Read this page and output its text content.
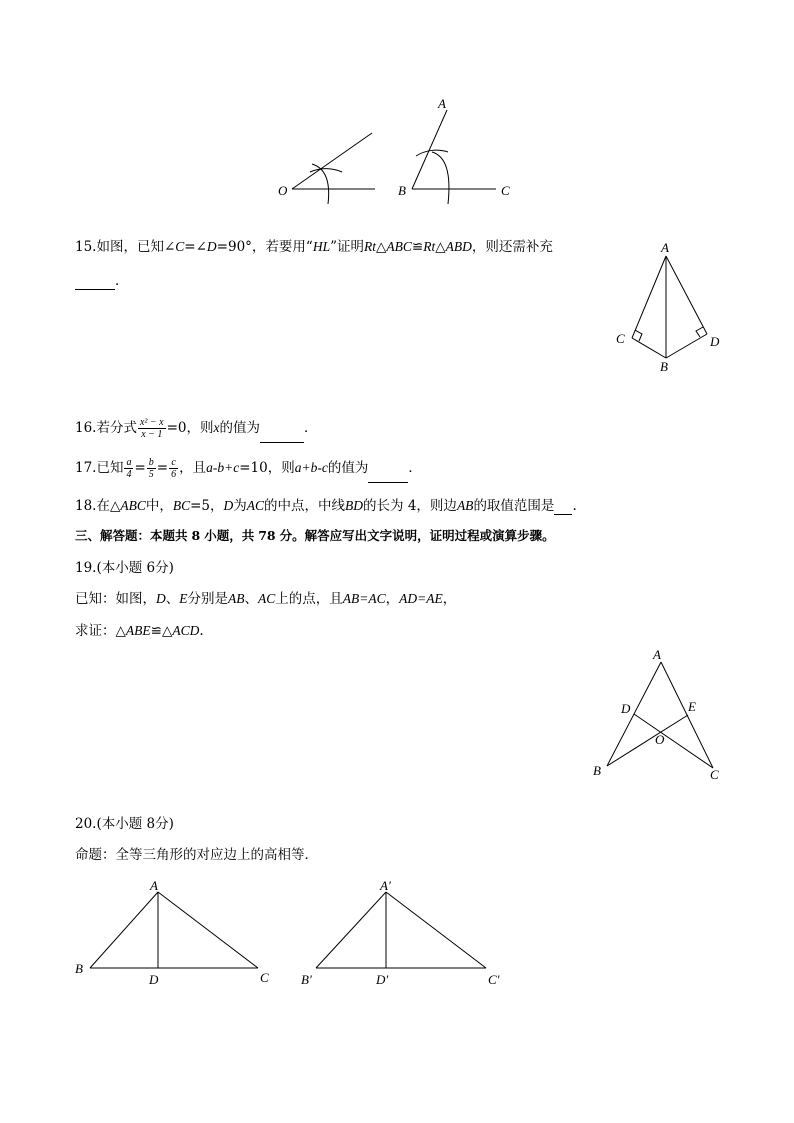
O
A
B	C
15.如图，已知∠C=∠D=90°，若要用“HL”证明Rt△ABC≌Rt△ABD，则还需补充
．
A
C	D
B
16.若分式 $\frac{\text{x² − x}}{x - 1} =0$，则x的值为	．
17.已知 $\frac{a}{4} = \frac{b}{5} = \frac{c}{6}$ ，且a-b+c=10，则a+b-c的值为	．
18.在△ABC中，BC=5，D为AC的中点，中线BD的长为 4，则边AB的取值范围是 .
三、解答题：本题共 8 小题，共 78 分。解答应写出文字说明，证明过程或演算步骤。
19.(本小题 6分)
已知：如图，D、E分别是AB、AC上的点，且AB=AC，AD=AE，
求证：△ABE≌△ACD.
A
D	E
O
B	C
20.(本小题 8分)
命题：全等三角形的对应边上的高相等．
A
B
C
D
A′
B′	C′
D′
